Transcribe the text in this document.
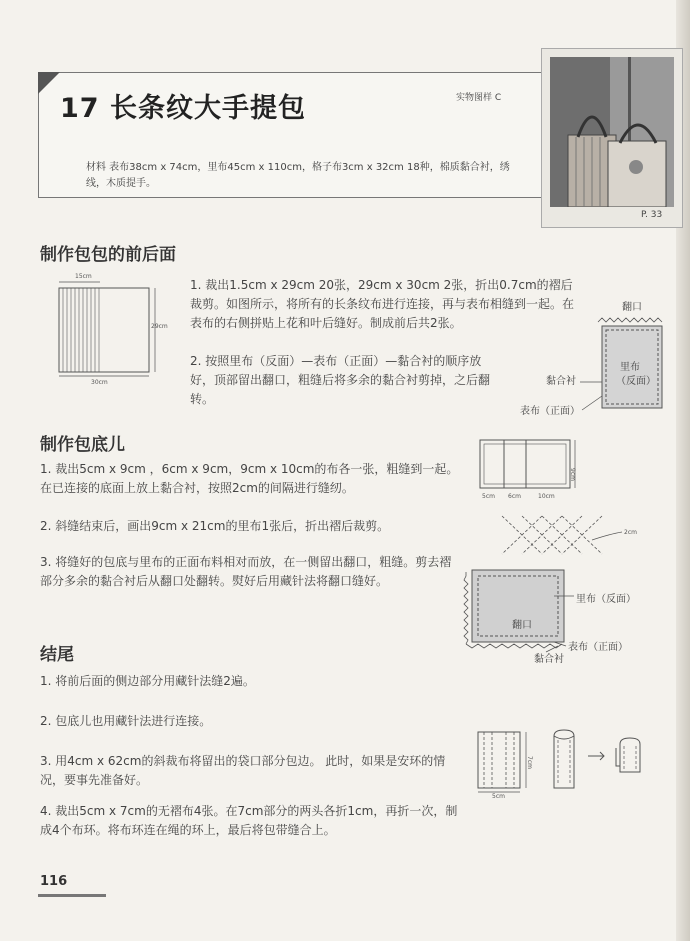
17 长条纹大手提包	实物图样 C
材料 表布38cm x 74cm，里布45cm x 110cm，格子布3cm x 32cm 18种，棉质黏合衬，绣线，木质提手。
P. 33
制作包包的前后面
15cm
29cm
30cm
1. 裁出1.5cm x 29cm 20张，29cm x 30cm 2张，折出0.7cm的褶后裁剪。如图所示，将所有的长条纹布进行连接，再与表布相缝到一起。在表布的右侧拼贴上花和叶后缝好。制成前后共2张。
2. 按照里布（反面）—表布（正面）—黏合衬的顺序放好，顶部留出翻口，粗缝后将多余的黏合衬剪掉，之后翻转。
翻口
里布
（反面）
黏合衬
表布（正面）
制作包底儿
1. 裁出5cm x 9cm ，6cm x 9cm，9cm x 10cm的布各一张，粗缝到一起。在已连接的底面上放上黏合衬，按照2cm的间隔进行缝纫。
9cm
5cm 6cm	10cm
2. 斜缝结束后，画出9cm x 21cm的里布1张后，折出褶后裁剪。	2cm
3. 将缝好的包底与里布的正面布料相对而放，在一侧留出翻口，粗缝。剪去褶部分多余的黏合衬后从翻口处翻转。熨好后用藏针法将翻口缝好。
里布（反面）
翻口
表布（正面）
黏合衬
结尾
1. 将前后面的侧边部分用藏针法缝2遍。
2. 包底儿也用藏针法进行连接。
3. 用4cm x 62cm的斜裁布将留出的袋口部分包边。 此时，如果是安环的情况，要事先准备好。
4. 裁出5cm x 7cm的无褶布4张。在7cm部分的两头各折1cm，再折一次，制成4个布环。将布环连在绳的环上，最后将包带缝合上。
7cm
5cm
116
